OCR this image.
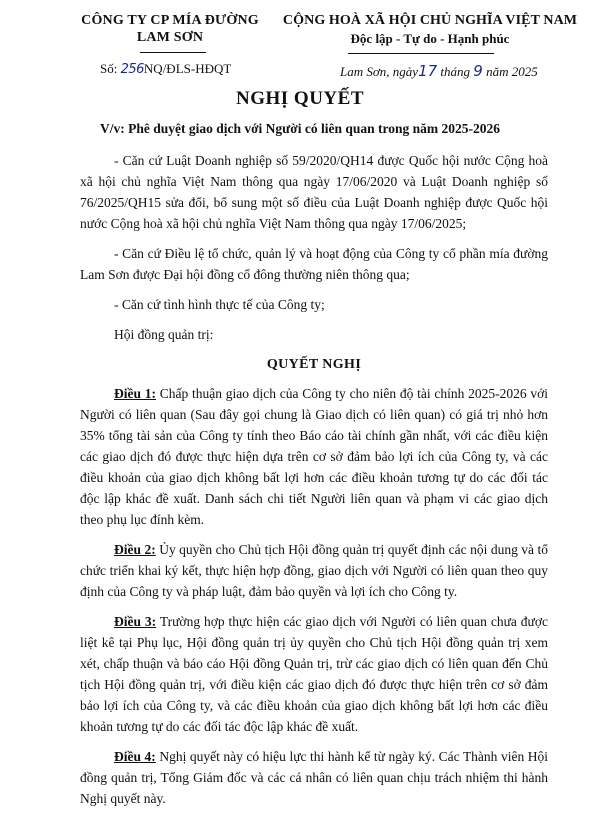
CÔNG TY CP MÍA ĐƯỜNG
LAM SƠN
CỘNG HOÀ XÃ HỘI CHỦ NGHĨA VIỆT NAM
Độc lập - Tự do - Hạnh phúc
Số: 256NQ/ĐLS-HĐQT	Lam Sơn, ngày17 tháng 9 năm 2025
NGHỊ QUYẾT
V/v: Phê duyệt giao dịch với Người có liên quan trong năm 2025-2026

- Căn cứ Luật Doanh nghiệp số 59/2020/QH14 được Quốc hội nước Cộng hoà xã hội chủ nghĩa Việt Nam thông qua ngày 17/06/2020 và Luật Doanh nghiệp số 76/2025/QH15 sửa đổi, bổ sung một số điều của Luật Doanh nghiệp được Quốc hội nước Cộng hoà xã hội chủ nghĩa Việt Nam thông qua ngày 17/06/2025;

- Căn cứ Điều lệ tổ chức, quản lý và hoạt động của Công ty cổ phần mía đường Lam Sơn được Đại hội đồng cổ đông thường niên thông qua;

- Căn cứ tình hình thực tế của Công ty;

Hội đồng quản trị:

QUYẾT NGHỊ

Điều 1: Chấp thuận giao dịch của Công ty cho niên độ tài chính 2025-2026 với Người có liên quan (Sau đây gọi chung là Giao dịch có liên quan) có giá trị nhỏ hơn 35% tổng tài sản của Công ty tính theo Báo cáo tài chính gần nhất, với các điều kiện các giao dịch đó được thực hiện dựa trên cơ sở đảm bảo lợi ích của Công ty, và các điều khoản của giao dịch không bất lợi hơn các điều khoản tương tự do các đối tác độc lập khác đề xuất. Danh sách chi tiết Người liên quan và phạm vi các giao dịch theo phụ lục đính kèm.

Điều 2: Ủy quyền cho Chủ tịch Hội đồng quản trị quyết định các nội dung và tổ chức triển khai ký kết, thực hiện hợp đồng, giao dịch với Người có liên quan theo quy định của Công ty và pháp luật, đảm bảo quyền và lợi ích cho Công ty.

Điều 3: Trường hợp thực hiện các giao dịch với Người có liên quan chưa được liệt kê tại Phụ lục, Hội đồng quản trị ủy quyền cho Chủ tịch Hội đồng quản trị xem xét, chấp thuận và báo cáo Hội đồng Quản trị, trừ các giao dịch có liên quan đến Chủ tịch Hội đồng quản trị, với điều kiện các giao dịch đó được thực hiện trên cơ sở đảm bảo lợi ích của Công ty, và các điều khoản của giao dịch không bất lợi hơn các điều khoản tương tự do các đối tác độc lập khác đề xuất.

Điều 4: Nghị quyết này có hiệu lực thi hành kể từ ngày ký. Các Thành viên Hội đồng quản trị, Tổng Giám đốc và các cá nhân có liên quan chịu trách nhiệm thi hành Nghị quyết này.
